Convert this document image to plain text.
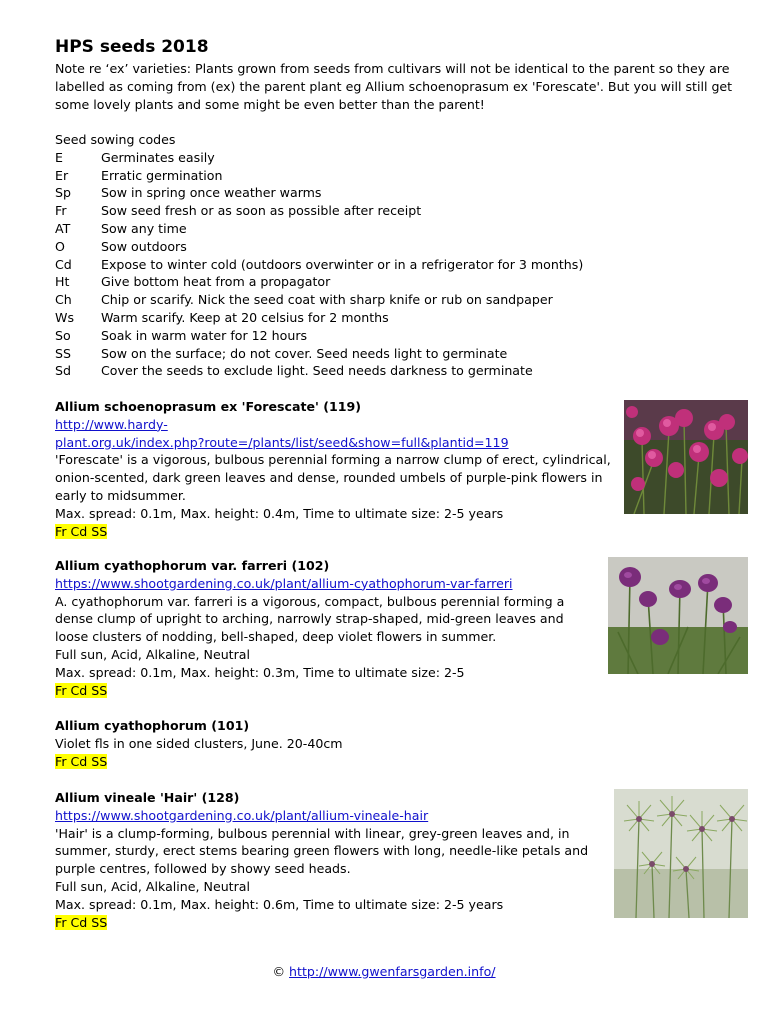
HPS seeds 2018
Note re ‘ex’ varieties: Plants grown from seeds from cultivars will not be identical to the parent so they are labelled as coming from (ex) the parent plant eg Allium schoenoprasum ex 'Forescate'. But you will still get some lovely plants and some might be even better than the parent!
Seed sowing codes
E	Germinates easily
Er	Erratic germination
Sp	Sow in spring once weather warms
Fr	Sow seed fresh or as soon as possible after receipt
AT	Sow any time
O	Sow outdoors
Cd	Expose to winter cold (outdoors overwinter or in a refrigerator for 3 months)
Ht	Give bottom heat from a propagator
Ch	Chip or scarify. Nick the seed coat with sharp knife or rub on sandpaper
Ws	Warm scarify. Keep at 20 celsius for 2 months
So	Soak in warm water for 12 hours
SS	Sow on the surface; do not cover. Seed needs light to germinate
Sd	Cover the seeds to exclude light. Seed needs darkness to germinate
Allium schoenoprasum ex 'Forescate' (119)
http://www.hardy-
plant.org.uk/index.php?route=/plants/list/seed&show=full&plantid=119
'Forescate' is a vigorous, bulbous perennial forming a narrow clump of erect, cylindrical, onion-scented, dark green leaves and dense, rounded umbels of purple-pink flowers in early to midsummer.
Max. spread: 0.1m, Max. height: 0.4m, Time to ultimate size: 2-5 years
Fr Cd SS
Allium cyathophorum var. farreri (102)
https://www.shootgardening.co.uk/plant/allium-cyathophorum-var-farreri
A. cyathophorum var. farreri is a vigorous, compact, bulbous perennial forming a dense clump of upright to arching, narrowly strap-shaped, mid-green leaves and loose clusters of nodding, bell-shaped, deep violet flowers in summer.
Full sun, Acid, Alkaline, Neutral
Max. spread: 0.1m, Max. height: 0.3m, Time to ultimate size: 2-5
Fr Cd SS
Allium cyathophorum (101)
Violet fls in one sided clusters, June. 20-40cm
Fr Cd SS
Allium vineale 'Hair' (128)
https://www.shootgardening.co.uk/plant/allium-vineale-hair
'Hair' is a clump-forming, bulbous perennial with linear, grey-green leaves and, in summer, sturdy, erect stems bearing green flowers with long, needle-like petals and purple centres, followed by showy seed heads.
Full sun, Acid, Alkaline, Neutral
Max. spread: 0.1m, Max. height: 0.6m, Time to ultimate size: 2-5 years
Fr Cd SS
© http://www.gwenfarsgarden.info/
